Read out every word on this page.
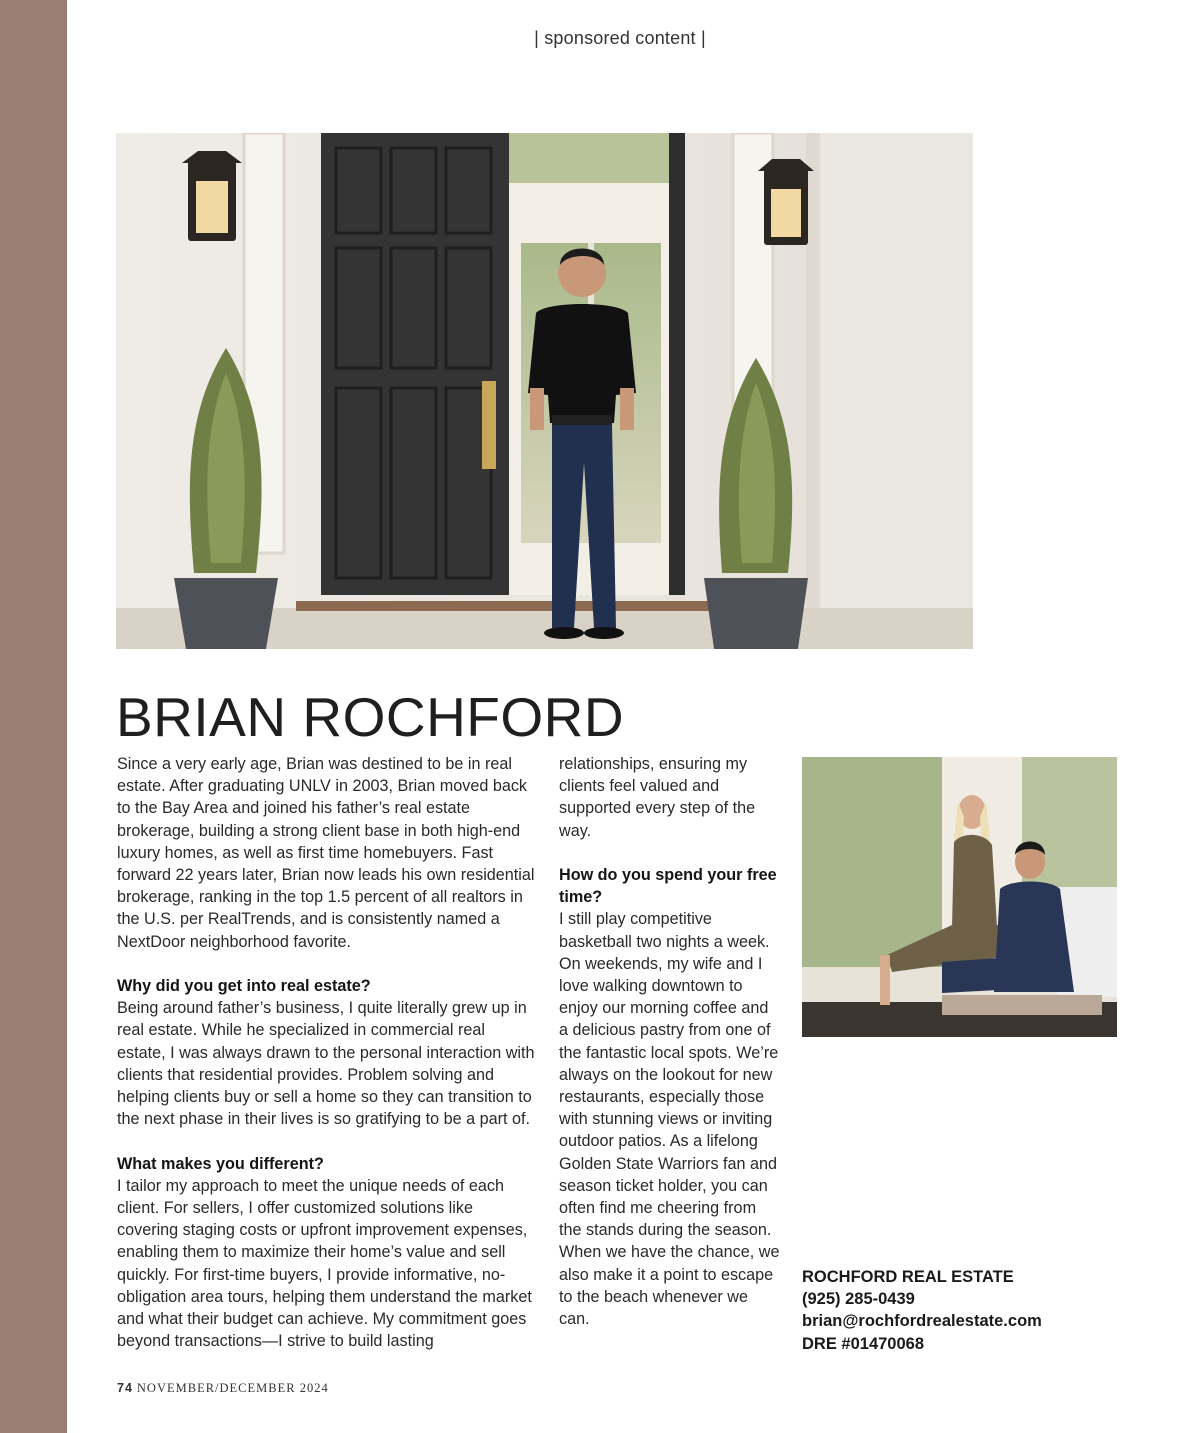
| sponsored content |
BRIAN ROCHFORD

Since a very early age, Brian was destined to be in real estate. After graduating UNLV in 2003, Brian moved back to the Bay Area and joined his father’s real estate brokerage, building a strong client base in both high-end luxury homes, as well as first time homebuyers. Fast forward 22 years later, Brian now leads his own residential brokerage, ranking in the top 1.5 percent of all realtors in the U.S. per RealTrends, and is consistently named a NextDoor neighborhood favorite.

Why did you get into real estate?

Being around father’s business, I quite literally grew up in real estate. While he specialized in commercial real estate, I was always drawn to the personal interaction with clients that residential provides. Problem solving and helping clients buy or sell a home so they can transition to the next phase in their lives is so gratifying to be a part of.

What makes you different?

I tailor my approach to meet the unique needs of each client. For sellers, I offer customized solutions like covering staging costs or upfront improvement expenses, enabling them to maximize their home’s value and sell quickly. For first-time buyers, I provide informative, no-obligation area tours, helping them understand the market and what their budget can achieve. My commitment goes beyond transactions—I strive to build lasting

relationships, ensuring my clients feel valued and supported every step of the way.

How do you spend your free time?

I still play competitive basketball two nights a week. On weekends, my wife and I love walking downtown to enjoy our morning coffee and a delicious pastry from one of the fantastic local spots. We’re always on the lookout for new restaurants, especially those with stunning views or inviting outdoor patios. As a lifelong Golden State Warriors fan and season ticket holder, you can often find me cheering from the stands during the season. When we have the chance, we also make it a point to escape to the beach whenever we can.

ROCHFORD REAL ESTATE
(925) 285-0439
brian@rochfordrealestate.com
DRE #01470068
74 NOVEMBER/DECEMBER 2024
